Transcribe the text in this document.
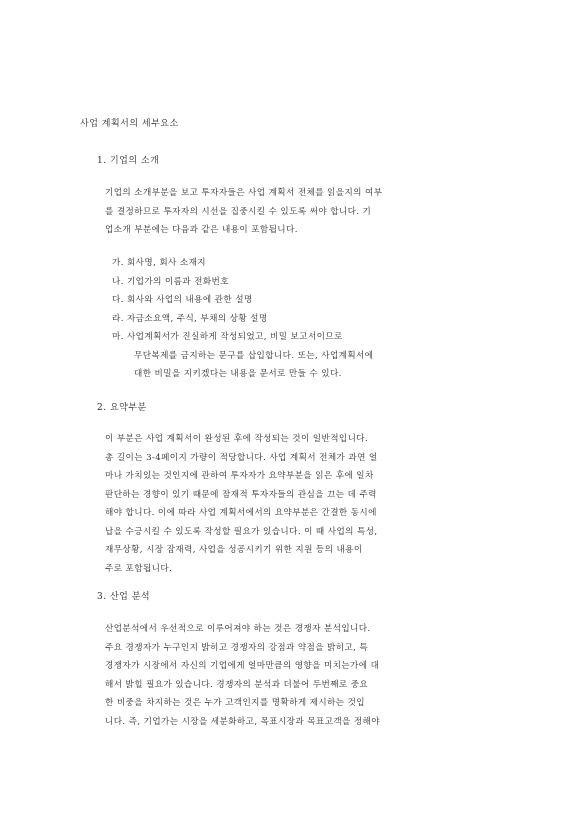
사업 계획서의 세부요소
1. 기업의 소개
기업의 소개부분을 보고 투자자들은 사업 계획서 전체를 읽을지의 여부
를 결정하므로 투자자의 시선을 집중시킬 수 있도록 써야 합니다. 기
업소개 부분에는 다음과 같은 내용이 포함됩니다.
가. 회사명, 회사 소재지
나. 기업가의 이름과 전화번호
다. 회사와 사업의 내용에 관한 설명
라. 자금소요액, 주식, 부채의 상황 설명
마. 사업계획서가 진실하게 작성되었고, 비밀 보고서이므로
무단복제를 금지하는 문구를 삽입합니다. 또는, 사업계획서에
대한 비밀을 지키겠다는 내용을 문서로 만들 수 있다.
2. 요약부분
이 부분은 사업 계획서이 완성된 후에 작성되는 것이 일반적입니다.
총 길이는 3-4페이지 가량이 적당합니다. 사업 계획서 전체가 과연 얼
마나 가치있는 것인지에 관하여 투자자가 요약부분을 읽은 후에 일차
판단하는 경향이 있기 때문에 잠재적 투자자들의 관심을 끄는 데 주력
해야 합니다. 이에 따라 사업 계획서에서의 요약부분은 간결한 동시에
납을 수긍시킬 수 있도록 작성할 필요가 있습니다. 이 때 사업의 특성,
재무상황, 시장 잠재력, 사업을 성공시키기 위한 지원 등의 내용이
주로 포함됩니다.
3. 산업 분석
산업분석에서 우선적으로 이루어져야 하는 것은 경쟁자 분석입니다.
주요 경쟁자가 누구인지 밝히고 경쟁자의 강점과 약점을 밝히고, 특
경쟁자가 시장에서 자신의 기업에게 얼마만큼의 영향을 미치는가에 대
해서 밝힐 필요가 있습니다. 경쟁자의 분석과 더불어 두번째로 중요
한 비중을 차지하는 것은 누가 고객인지를 명확하게 제시하는 것입
니다. 즉, 기업가는 시장을 세분화하고, 목표시장과 목표고객을 정해야
